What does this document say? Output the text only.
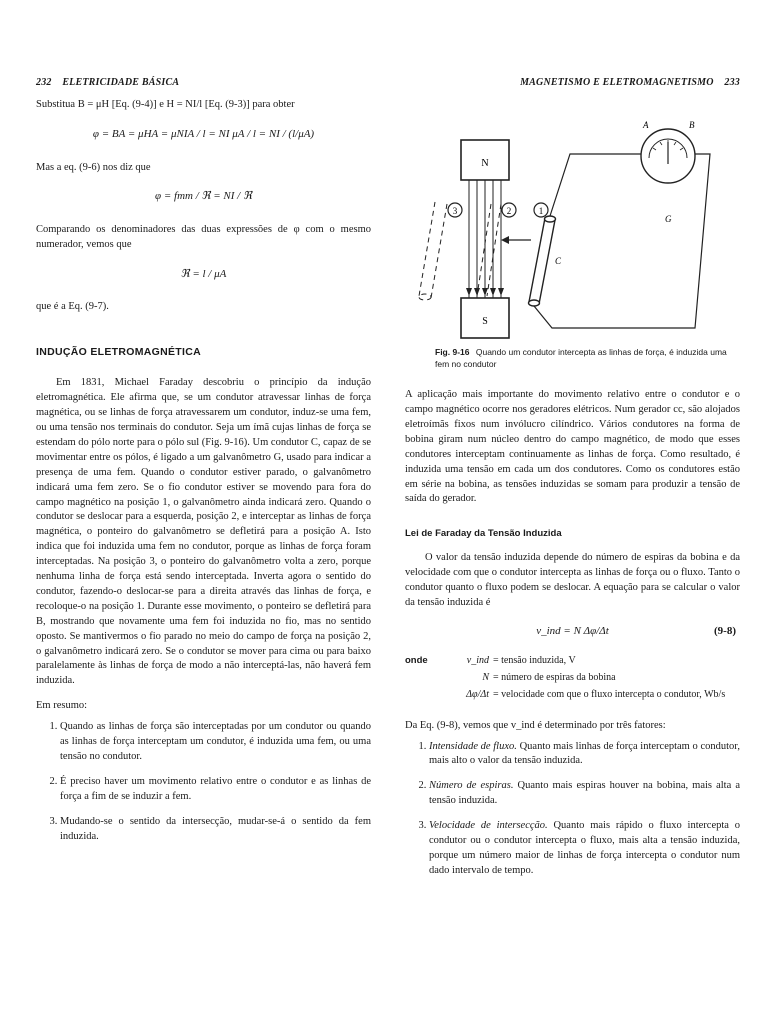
232 ELETRICIDADE BÁSICA

Substitua B = μH [Eq. (9-4)] e H = NI/l [Eq. (9-3)] para obter

φ = BA = μHA = μNIA / l = NI μA / l = NI / (l/μA)

Mas a eq. (9-6) nos diz que

φ = fmm / ℜ = NI / ℜ

Comparando os denominadores das duas expressões de φ com o mesmo numerador, vemos que

ℜ = l / μA

que é a Eq. (9-7).

INDUÇÃO ELETROMAGNÉTICA

Em 1831, Michael Faraday descobriu o princípio da indução eletromagnética. Ele afirma que, se um condutor atravessar linhas de força magnética, ou se linhas de força atravessarem um condutor, induz-se uma fem, ou uma tensão nos terminais do condutor. Seja um ímã cujas linhas de força se estendam do pólo norte para o pólo sul (Fig. 9-16). Um condutor C, capaz de se movimentar entre os pólos, é ligado a um galvanômetro G, usado para indicar a presença de uma fem. Quando o condutor estiver parado, o galvanômetro indicará uma fem zero. Se o fio condutor estiver se movendo para fora do campo magnético na posição 1, o galvanômetro ainda indicará zero. Quando o condutor se deslocar para a esquerda, posição 2, e interceptar as linhas de força magnética, o ponteiro do galvanômetro se defletirá para a posição A. Isto indica que foi induzida uma fem no condutor, porque as linhas de força foram interceptadas. Na posição 3, o ponteiro do galvanômetro volta a zero, porque nenhuma linha de força está sendo interceptada. Inverta agora o sentido do condutor, fazendo-o deslocar-se para a direita através das linhas de força, e recoloque-o na posição 1. Durante esse movimento, o ponteiro se defletirá para B, mostrando que novamente uma fem foi induzida no fio, mas no sentido oposto. Se mantivermos o fio parado no meio do campo de força na posição 2, o galvanômetro indicará zero. Se o condutor se mover para cima ou para baixo paralelamente às linhas de força de modo a não interceptá-las, não haverá fem induzida.

Em resumo:

1. Quando as linhas de força são interceptadas por um condutor ou quando as linhas de força interceptam um condutor, é induzida uma fem, ou uma tensão no condutor.
2. É preciso haver um movimento relativo entre o condutor e as linhas de força a fim de se induzir a fem.
3. Mudando-se o sentido da intersecção, mudar-se-á o sentido da fem induzida.
MAGNETISMO E ELETROMAGNETISMO 233
N
S
3	2	1
C
A	B
G
Fig. 9-16 Quando um condutor intercepta as linhas de força, é induzida uma fem no condutor

A aplicação mais importante do movimento relativo entre o condutor e o campo magnético ocorre nos geradores elétricos. Num gerador cc, são alojados eletroímãs fixos num invólucro cilíndrico. Vários condutores na forma de bobina giram num núcleo dentro do campo magnético, de modo que esses condutores interceptam continuamente as linhas de força. Como resultado, é induzida uma tensão em cada um dos condutores. Como os condutores estão em série na bobina, as tensões induzidas se somam para produzir a tensão de saída do gerador.

Lei de Faraday da Tensão Induzida

O valor da tensão induzida depende do número de espiras da bobina e da velocidade com que o condutor intercepta as linhas de força ou o fluxo. Tanto o condutor quanto o fluxo podem se deslocar. A equação para se calcular o valor da tensão induzida é

v_ind = N Δφ/Δt	(9-8)
onde	v_ind = tensão induzida, V
N = número de espiras da bobina
Δφ/Δt = velocidade com que o fluxo intercepta o condutor, Wb/s

Da Eq. (9-8), vemos que v_ind é determinado por três fatores:

1. Intensidade de fluxo. Quanto mais linhas de força interceptam o condutor, mais alto o valor da tensão induzida.
2. Número de espiras. Quanto mais espiras houver na bobina, mais alta a tensão induzida.
3. Velocidade de intersecção. Quanto mais rápido o fluxo intercepta o condutor ou o condutor intercepta o fluxo, mais alta a tensão induzida, porque um número maior de linhas de força intercepta o condutor num dado intervalo de tempo.
